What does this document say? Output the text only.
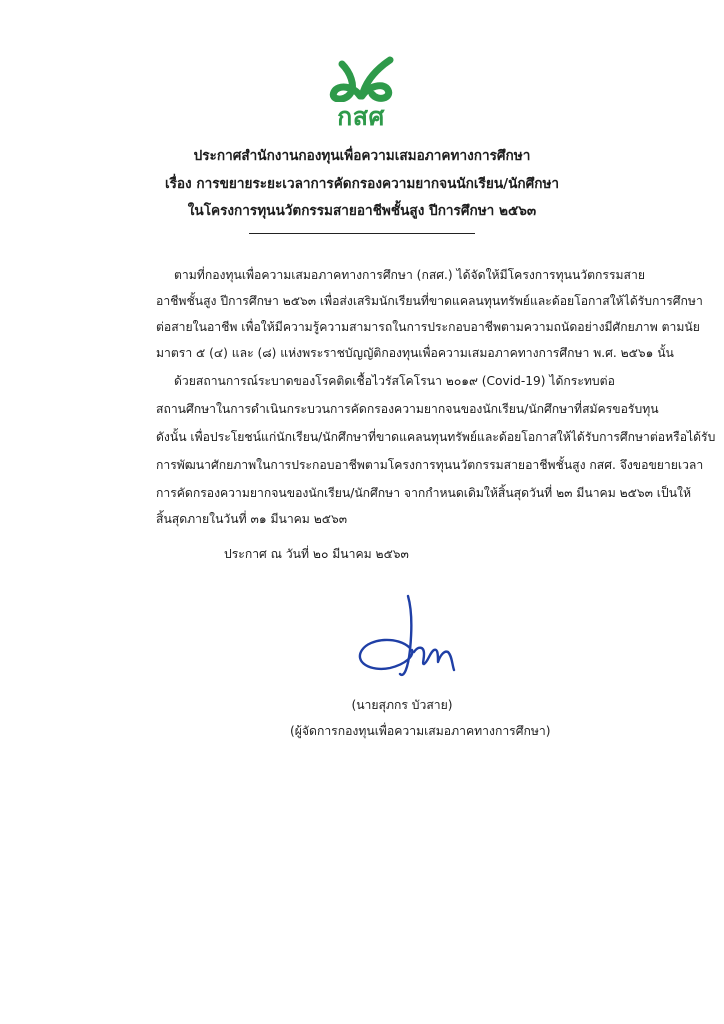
กสศ
ประกาศสำนักงานกองทุนเพื่อความเสมอภาคทางการศึกษา
เรื่อง การขยายระยะเวลาการคัดกรองความยากจนนักเรียน/นักศึกษา
ในโครงการทุนนวัตกรรมสายอาชีพชั้นสูง ปีการศึกษา ๒๕๖๓
ตามที่กองทุนเพื่อความเสมอภาคทางการศึกษา (กสศ.) ได้จัดให้มีโครงการทุนนวัตกรรมสาย
อาชีพชั้นสูง ปีการศึกษา ๒๕๖๓ เพื่อส่งเสริมนักเรียนที่ขาดแคลนทุนทรัพย์และด้อยโอกาสให้ได้รับการศึกษา
ต่อสายในอาชีพ เพื่อให้มีความรู้ความสามารถในการประกอบอาชีพตามความถนัดอย่างมีศักยภาพ ตามนัย
มาตรา ๕ (๔) และ (๘) แห่งพระราชบัญญัติกองทุนเพื่อความเสมอภาคทางการศึกษา พ.ศ. ๒๕๖๑ นั้น
ด้วยสถานการณ์ระบาดของโรคติดเชื้อไวรัสโคโรนา ๒๐๑๙ (Covid-19) ได้กระทบต่อ
สถานศึกษาในการดำเนินกระบวนการคัดกรองความยากจนของนักเรียน/นักศึกษาที่สมัครขอรับทุน
ดังนั้น เพื่อประโยชน์แก่นักเรียน/นักศึกษาที่ขาดแคลนทุนทรัพย์และด้อยโอกาสให้ได้รับการศึกษาต่อหรือได้รับ
การพัฒนาศักยภาพในการประกอบอาชีพตามโครงการทุนนวัตกรรมสายอาชีพชั้นสูง กสศ. จึงขอขยายเวลา
การคัดกรองความยากจนของนักเรียน/นักศึกษา จากกำหนดเดิมให้สิ้นสุดวันที่ ๒๓ มีนาคม ๒๕๖๓ เป็นให้
สิ้นสุดภายในวันที่ ๓๑ มีนาคม ๒๕๖๓
ประกาศ ณ วันที่ ๒๐ มีนาคม ๒๕๖๓
(นายสุภกร บัวสาย)
(ผู้จัดการกองทุนเพื่อความเสมอภาคทางการศึกษา)
